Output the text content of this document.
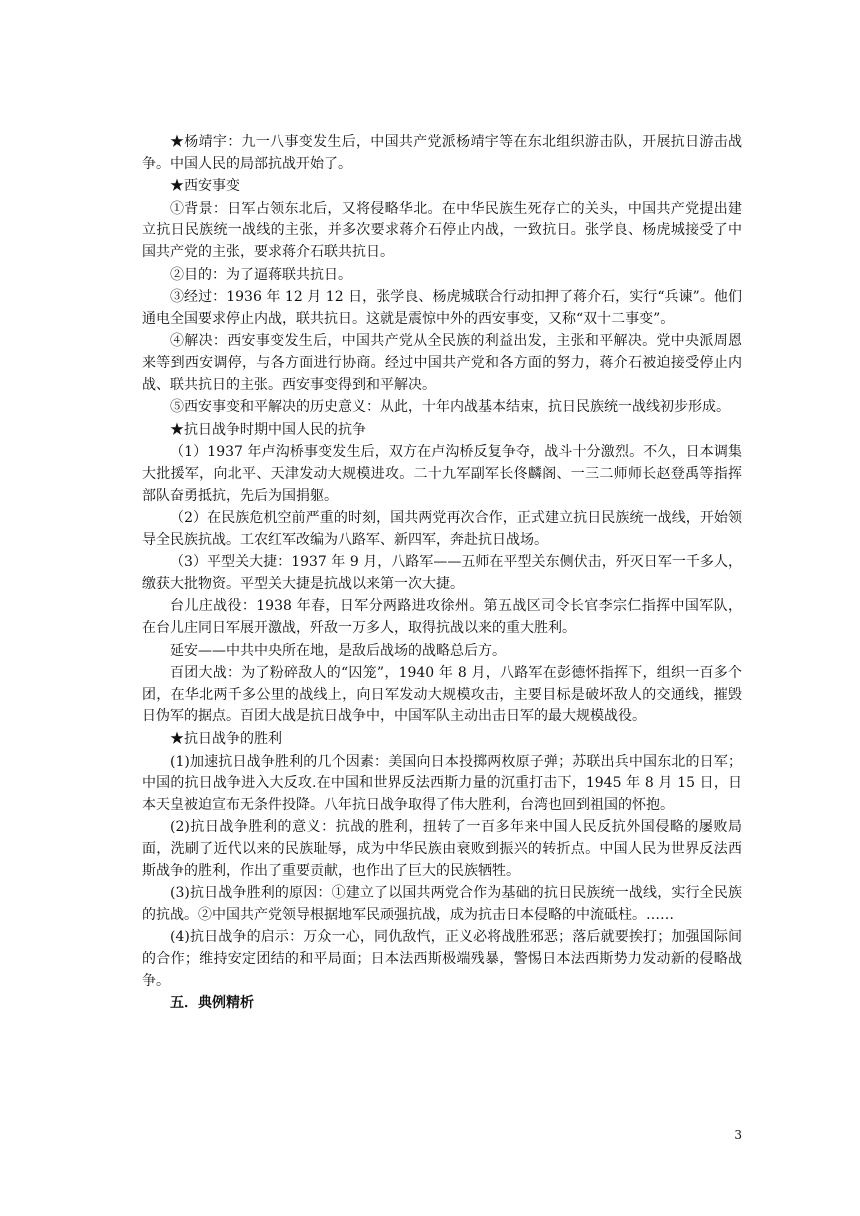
★杨靖宇：九一八事变发生后，中国共产党派杨靖宇等在东北组织游击队，开展抗日游击战争。中国人民的局部抗战开始了。

★西安事变

①背景：日军占领东北后，又将侵略华北。在中华民族生死存亡的关头，中国共产党提出建立抗日民族统一战线的主张，并多次要求蒋介石停止内战，一致抗日。张学良、杨虎城接受了中国共产党的主张，要求蒋介石联共抗日。

②目的：为了逼蒋联共抗日。

③经过：1936 年 12 月 12 日，张学良、杨虎城联合行动扣押了蒋介石，实行“兵谏”。他们通电全国要求停止内战，联共抗日。这就是震惊中外的西安事变，又称“双十二事变”。

④解决：西安事变发生后，中国共产党从全民族的利益出发，主张和平解决。党中央派周恩来等到西安调停，与各方面进行协商。经过中国共产党和各方面的努力，蒋介石被迫接受停止内战、联共抗日的主张。西安事变得到和平解决。

⑤西安事变和平解决的历史意义：从此，十年内战基本结束，抗日民族统一战线初步形成。

★抗日战争时期中国人民的抗争

（1）1937 年卢沟桥事变发生后，双方在卢沟桥反复争夺，战斗十分激烈。不久，日本调集大批援军，向北平、天津发动大规模进攻。二十九军副军长佟麟阁、一三二师师长赵登禹等指挥部队奋勇抵抗，先后为国捐躯。

（2）在民族危机空前严重的时刻，国共两党再次合作，正式建立抗日民族统一战线，开始领导全民族抗战。工农红军改编为八路军、新四军，奔赴抗日战场。

（3）平型关大捷：1937 年 9 月，八路军——五师在平型关东侧伏击，歼灭日军一千多人，缴获大批物资。平型关大捷是抗战以来第一次大捷。

台儿庄战役：1938 年春，日军分两路进攻徐州。第五战区司令长官李宗仁指挥中国军队，在台儿庄同日军展开激战，歼敌一万多人，取得抗战以来的重大胜利。

延安——中共中央所在地，是敌后战场的战略总后方。

百团大战：为了粉碎敌人的“囚笼”，1940 年 8 月，八路军在彭德怀指挥下，组织一百多个团，在华北两千多公里的战线上，向日军发动大规模攻击，主要目标是破坏敌人的交通线，摧毁日伪军的据点。百团大战是抗日战争中，中国军队主动出击日军的最大规模战役。

★抗日战争的胜利

(1)加速抗日战争胜利的几个因素：美国向日本投掷两枚原子弹；苏联出兵中国东北的日军；中国的抗日战争进入大反攻.在中国和世界反法西斯力量的沉重打击下，1945 年 8 月 15 日，日本天皇被迫宣布无条件投降。八年抗日战争取得了伟大胜利，台湾也回到祖国的怀抱。

(2)抗日战争胜利的意义：抗战的胜利，扭转了一百多年来中国人民反抗外国侵略的屡败局面，洗刷了近代以来的民族耻辱，成为中华民族由衰败到振兴的转折点。中国人民为世界反法西斯战争的胜利，作出了重要贡献，也作出了巨大的民族牺牲。

(3)抗日战争胜利的原因：①建立了以国共两党合作为基础的抗日民族统一战线，实行全民族的抗战。②中国共产党领导根据地军民顽强抗战，成为抗击日本侵略的中流砥柱。……

(4)抗日战争的启示：万众一心，同仇敌忾，正义必将战胜邪恶；落后就要挨打；加强国际间的合作；维持安定团结的和平局面；日本法西斯极端残暴，警惕日本法西斯势力发动新的侵略战争。

五．典例精析

3
